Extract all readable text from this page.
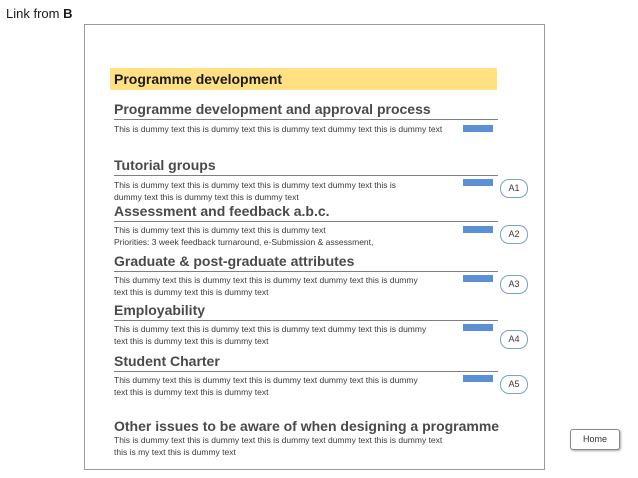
Link from B
Programme development
Programme development and approval process
This is dummy text this is dummy text this is dummy text dummy text this is dummy text
Tutorial groups
This is dummy text this is dummy text this is dummy text dummy text this is
dummy text this is dummy text this is dummy text
A1
Assessment and feedback a.b.c.
This is dummy text this is dummy text this is dummy text
Priorities: 3 week feedback turnaround, e-Submission & assessment,
A2
Graduate & post-graduate attributes
This dummy text this is dummy text this is dummy text dummy text this is dummy
text this is dummy text this is dummy text
A3
Employability
This is dummy text this is dummy text this is dummy text dummy text this is dummy
text this is dummy text this is dummy text	A4
Student Charter
This dummy text this is dummy text this is dummy text dummy text this is dummy
text this is dummy text this is dummy text
A5
Other issues to be aware of when designing a programme
This is dummy text this is dummy text this is dummy text dummy text this is dummy text
this is my text this is dummy text
Home
